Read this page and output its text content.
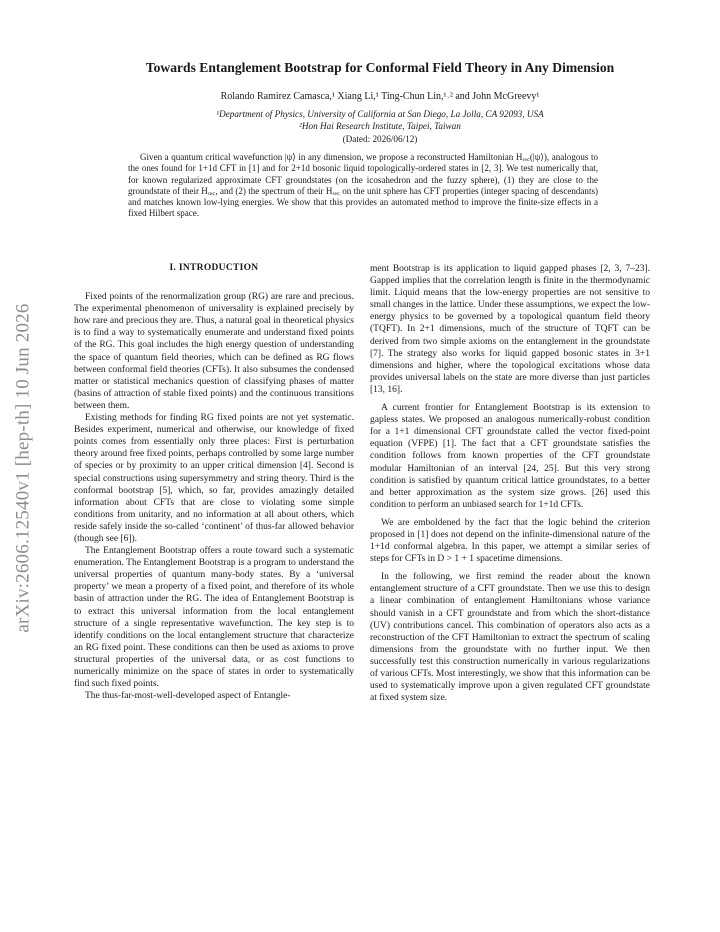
arXiv:2606.12540v1 [hep-th] 10 Jun 2026
Towards Entanglement Bootstrap for Conformal Field Theory in Any Dimension

Rolando Ramirez Camasca,¹ Xiang Li,¹ Ting-Chun Lin,¹˒² and John McGreevy¹

¹Department of Physics, University of California at San Diego, La Jolla, CA 92093, USA

²Hon Hai Research Institute, Taipei, Taiwan

(Dated: 2026/06/12)

Given a quantum critical wavefunction |ψ⟩ in any dimension, we propose a reconstructed Hamiltonian Hᵣₑ꜀(|ψ⟩), analogous to the ones found for 1+1d CFT in [1] and for 2+1d bosonic liquid topologically-ordered states in [2, 3]. We test numerically that, for known regularized approximate CFT groundstates (on the icosahedron and the fuzzy sphere), (1) they are close to the groundstate of their Hᵣₑ꜀, and (2) the spectrum of their Hᵣₑ꜀ on the unit sphere has CFT properties (integer spacing of descendants) and matches known low-lying energies. We show that this provides an automated method to improve the finite-size effects in a fixed Hilbert space.

I. INTRODUCTION

Fixed points of the renormalization group (RG) are rare and precious. The experimental phenomenon of universality is explained precisely by how rare and precious they are. Thus, a natural goal in theoretical physics is to find a way to systematically enumerate and understand fixed points of the RG. This goal includes the high energy question of understanding the space of quantum field theories, which can be defined as RG flows between conformal field theories (CFTs). It also subsumes the condensed matter or statistical mechanics question of classifying phases of matter (basins of attraction of stable fixed points) and the continuous transitions between them.

Existing methods for finding RG fixed points are not yet systematic. Besides experiment, numerical and otherwise, our knowledge of fixed points comes from essentially only three places: First is perturbation theory around free fixed points, perhaps controlled by some large number of species or by proximity to an upper critical dimension [4]. Second is special constructions using supersymmetry and string theory. Third is the conformal bootstrap [5], which, so far, provides amazingly detailed information about CFTs that are close to violating some simple conditions from unitarity, and no information at all about others, which reside safely inside the so-called ‘continent’ of thus-far allowed behavior (though see [6]).

The Entanglement Bootstrap offers a route toward such a systematic enumeration. The Entanglement Bootstrap is a program to understand the universal properties of quantum many-body states. By a ‘universal property’ we mean a property of a fixed point, and therefore of its whole basin of attraction under the RG. The idea of Entanglement Bootstrap is to extract this universal information from the local entanglement structure of a single representative wavefunction. The key step is to identify conditions on the local entanglement structure that characterize an RG fixed point. These conditions can then be used as axioms to prove structural properties of the universal data, or as cost functions to numerically minimize on the space of states in order to systematically find such fixed points.

The thus-far-most-well-developed aspect of Entangle-

ment Bootstrap is its application to liquid gapped phases [2, 3, 7–23]. Gapped implies that the correlation length is finite in the thermodynamic limit. Liquid means that the low-energy properties are not sensitive to small changes in the lattice. Under these assumptions, we expect the low-energy physics to be governed by a topological quantum field theory (TQFT). In 2+1 dimensions, much of the structure of TQFT can be derived from two simple axioms on the entanglement in the groundstate [7]. The strategy also works for liquid gapped bosonic states in 3+1 dimensions and higher, where the topological excitations whose data provides universal labels on the state are more diverse than just particles [13, 16].

A current frontier for Entanglement Bootstrap is its extension to gapless states. We proposed an analogous numerically-robust condition for a 1+1 dimensional CFT groundstate called the vector fixed-point equation (VFPE) [1]. The fact that a CFT groundstate satisfies the condition follows from known properties of the CFT groundstate modular Hamiltonian of an interval [24, 25]. But this very strong condition is satisfied by quantum critical lattice groundstates, to a better and better approximation as the system size grows. [26] used this condition to perform an unbiased search for 1+1d CFTs.

We are emboldened by the fact that the logic behind the criterion proposed in [1] does not depend on the infinite-dimensional nature of the 1+1d conformal algebra. In this paper, we attempt a similar series of steps for CFTs in D > 1 + 1 spacetime dimensions.

In the following, we first remind the reader about the known entanglement structure of a CFT groundstate. Then we use this to design a linear combination of entanglement Hamiltonians whose variance should vanish in a CFT groundstate and from which the short-distance (UV) contributions cancel. This combination of operators also acts as a reconstruction of the CFT Hamiltonian to extract the spectrum of scaling dimensions from the groundstate with no further input. We then successfully test this construction numerically in various regularizations of various CFTs. Most interestingly, we show that this information can be used to systematically improve upon a given regulated CFT groundstate at fixed system size.
